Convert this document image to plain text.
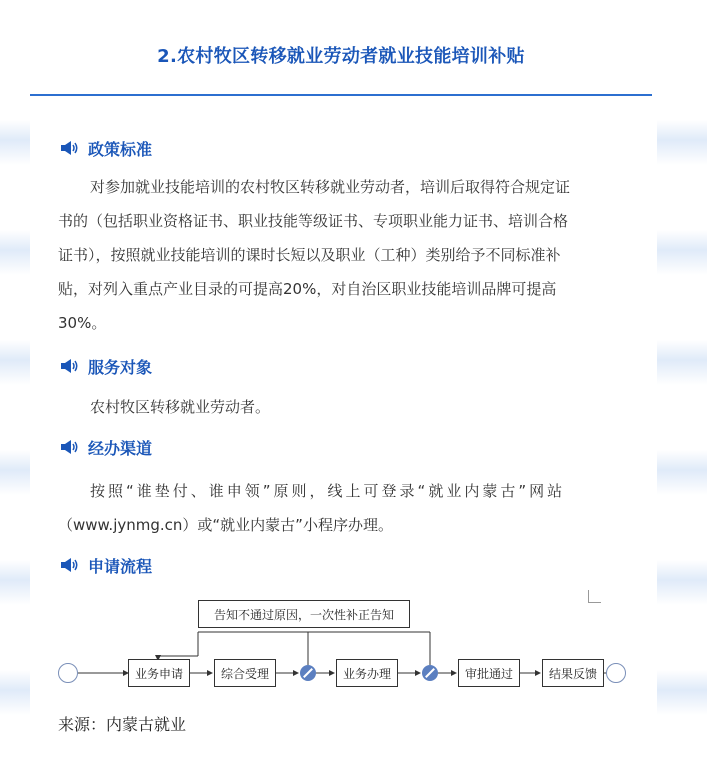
2.农村牧区转移就业劳动者就业技能培训补贴
政策标准
对参加就业技能培训的农村牧区转移就业劳动者，培训后取得符合规定证
书的（包括职业资格证书、职业技能等级证书、专项职业能力证书、培训合格
证书），按照就业技能培训的课时长短以及职业（工种）类别给予不同标准补
贴，对列入重点产业目录的可提高20%，对自治区职业技能培训品牌可提高
30%。
服务对象
农村牧区转移就业劳动者。
经办渠道
按照“谁垫付、谁申领”原则，线上可登录“就业内蒙古”网站
（www.jynmg.cn）或“就业内蒙古”小程序办理。
申请流程
告知不通过原因，一次性补正告知
业务申请	综合受理	业务办理	审批通过	结果反馈
来源：内蒙古就业
